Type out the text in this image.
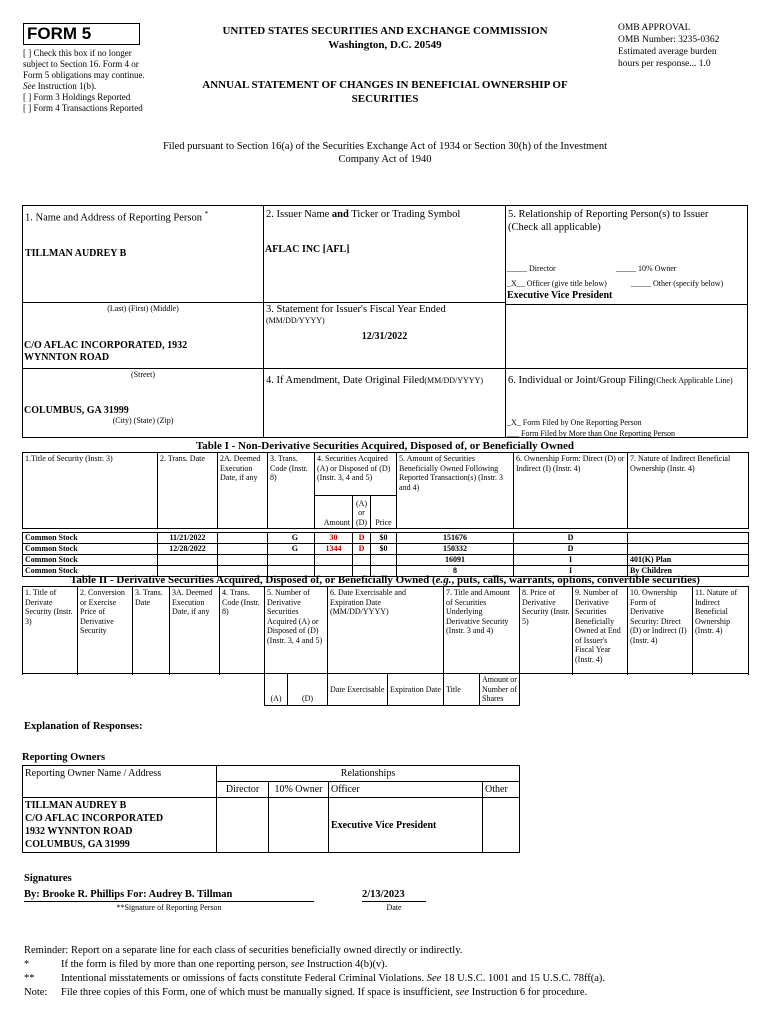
FORM 5
[ ] Check this box if no longer subject to Section 16. Form 4 or Form 5 obligations may continue. See Instruction 1(b).
[ ] Form 3 Holdings Reported
[ ] Form 4 Transactions Reported
UNITED STATES SECURITIES AND EXCHANGE COMMISSION
Washington, D.C. 20549
ANNUAL STATEMENT OF CHANGES IN BENEFICIAL OWNERSHIP OF SECURITIES
OMB APPROVAL
OMB Number: 3235-0362
Estimated average burden
hours per response... 1.0
Filed pursuant to Section 16(a) of the Securities Exchange Act of 1934 or Section 30(h) of the Investment Company Act of 1940
1. Name and Address of Reporting Person *
TILLMAN AUDREY B
(Last) (First) (Middle)
C/O AFLAC INCORPORATED, 1932 WYNNTON ROAD
(Street)
COLUMBUS, GA 31999
(City) (State) (Zip)
2. Issuer Name and Ticker or Trading Symbol
AFLAC INC [AFL]
3. Statement for Issuer's Fiscal Year Ended
(MM/DD/YYYY)
12/31/2022
4. If Amendment, Date Original Filed(MM/DD/YYYY)
5. Relationship of Reporting Person(s) to Issuer
(Check all applicable)
_____ Director	_____ 10% Owner
_X__ Officer (give title below)	_____ Other (specify below)
Executive Vice President
6. Individual or Joint/Group Filing(Check Applicable Line)
_X_ Form Filed by One Reporting Person
___ Form Filed by More than One Reporting Person
Table I - Non-Derivative Securities Acquired, Disposed of, or Beneficially Owned
1.Title of Security (Instr. 3)	2. Trans. Date	2A. Deemed Execution Date, if any	3. Trans. Code (Instr. 8)	4. Securities Acquired (A) or Disposed of (D) (Instr. 3, 4 and 5)			5. Amount of Securities Beneficially Owned Following Reported Transaction(s) (Instr. 3 and 4)	6. Ownership Form: Direct (D) or Indirect (I) (Instr. 4)	7. Nature of Indirect Beneficial Ownership (Instr. 4)
				Amount	(A) or (D)	Price			

Common Stock	11/21/2022		G	30	D	$0	151676	D	
Common Stock	12/28/2022		G	1344	D	$0	150332	D	
Common Stock							16091	I	401(K) Plan
Common Stock							8	I	By Children
Table II - Derivative Securities Acquired, Disposed of, or Beneficially Owned (e.g., puts, calls, warrants, options, convertible securities)
1. Title of Derivate Security (Instr. 3)	2. Conversion or Exercise Price of Derivative Security	3. Trans. Date	3A. Deemed Execution Date, if any	4. Trans. Code (Instr. 8)	5. Number of Derivative Securities Acquired (A) or Disposed of (D) (Instr. 3, 4 and 5)		6. Date Exercisable and Expiration Date (MM/DD/YYYY)		7. Title and Amount of Securities Underlying Derivative Security (Instr. 3 and 4)		8. Price of Derivative Security (Instr. 5)	9. Number of Derivative Securities Beneficially Owned at End of Issuer's Fiscal Year (Instr. 4)	10. Ownership Form of Derivative Security: Direct (D) or Indirect (I) (Instr. 4)	11. Nature of Indirect Beneficial Ownership (Instr. 4)

					(A)	(D)	Date Exercisable	Expiration Date	Title	Amount or Number of Shares				
Explanation of Responses:
Reporting Owners
Reporting Owner Name / Address	Relationships			
	Director	10% Owner	Officer	Other

TILLMAN AUDREY B
C/O AFLAC INCORPORATED
1932 WYNNTON ROAD
COLUMBUS, GA 31999			Executive Vice President	
Signatures
By: Brooke R. Phillips For: Audrey B. Tillman	2/13/2023
**Signature of Reporting Person	Date
Reminder: Report on a separate line for each class of securities beneficially owned directly or indirectly.
*	If the form is filed by more than one reporting person, see Instruction 4(b)(v).
**	Intentional misstatements or omissions of facts constitute Federal Criminal Violations. See 18 U.S.C. 1001 and 15 U.S.C. 78ff(a).
Note: File three copies of this Form, one of which must be manually signed. If space is insufficient, see Instruction 6 for procedure.
